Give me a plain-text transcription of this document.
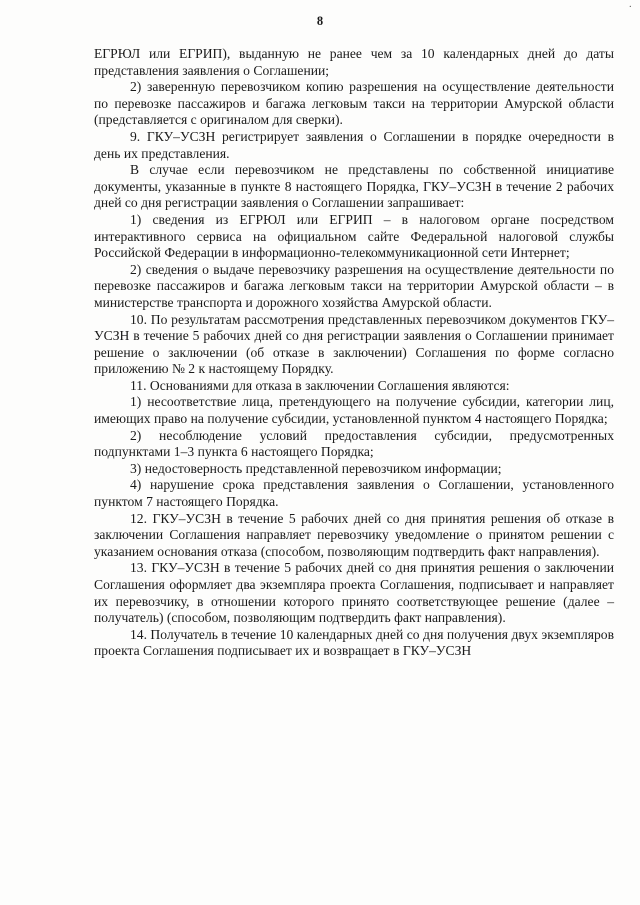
·
8

ЕГРЮЛ или ЕГРИП), выданную не ранее чем за 10 календарных дней до даты представления заявления о Соглашении;

2) заверенную перевозчиком копию разрешения на осуществление деятельности по перевозке пассажиров и багажа легковым такси на территории Амурской области (представляется с оригиналом для сверки).

9. ГКУ–УСЗН регистрирует заявления о Соглашении в порядке очередности в день их представления.

В случае если перевозчиком не представлены по собственной инициативе документы, указанные в пункте 8 настоящего Порядка, ГКУ–УСЗН в течение 2 рабочих дней со дня регистрации заявления о Соглашении запрашивает:

1) сведения из ЕГРЮЛ или ЕГРИП – в налоговом органе посредством интерактивного сервиса на официальном сайте Федеральной налоговой службы Российской Федерации в информационно-телекоммуникационной сети Интернет;

2) сведения о выдаче перевозчику разрешения на осуществление деятельности по перевозке пассажиров и багажа легковым такси на территории Амурской области – в министерстве транспорта и дорожного хозяйства Амурской области.

10. По результатам рассмотрения представленных перевозчиком документов ГКУ–УСЗН в течение 5 рабочих дней со дня регистрации заявления о Соглашении принимает решение о заключении (об отказе в заключении) Соглашения по форме согласно приложению № 2 к настоящему Порядку.

11. Основаниями для отказа в заключении Соглашения являются:

1) несоответствие лица, претендующего на получение субсидии, категории лиц, имеющих право на получение субсидии, установленной пунктом 4 настоящего Порядка;

2) несоблюдение условий предоставления субсидии, предусмотренных подпунктами 1–3 пункта 6 настоящего Порядка;

3) недостоверность представленной перевозчиком информации;

4) нарушение срока представления заявления о Соглашении, установленного пунктом 7 настоящего Порядка.

12. ГКУ–УСЗН в течение 5 рабочих дней со дня принятия решения об отказе в заключении Соглашения направляет перевозчику уведомление о принятом решении с указанием основания отказа (способом, позволяющим подтвердить факт направления).

13. ГКУ–УСЗН в течение 5 рабочих дней со дня принятия решения о заключении Соглашения оформляет два экземпляра проекта Соглашения, подписывает и направляет их перевозчику, в отношении которого принято соответствующее решение (далее – получатель) (способом, позволяющим подтвердить факт направления).

14. Получатель в течение 10 календарных дней со дня получения двух экземпляров проекта Соглашения подписывает их и возвращает в ГКУ–УСЗН
